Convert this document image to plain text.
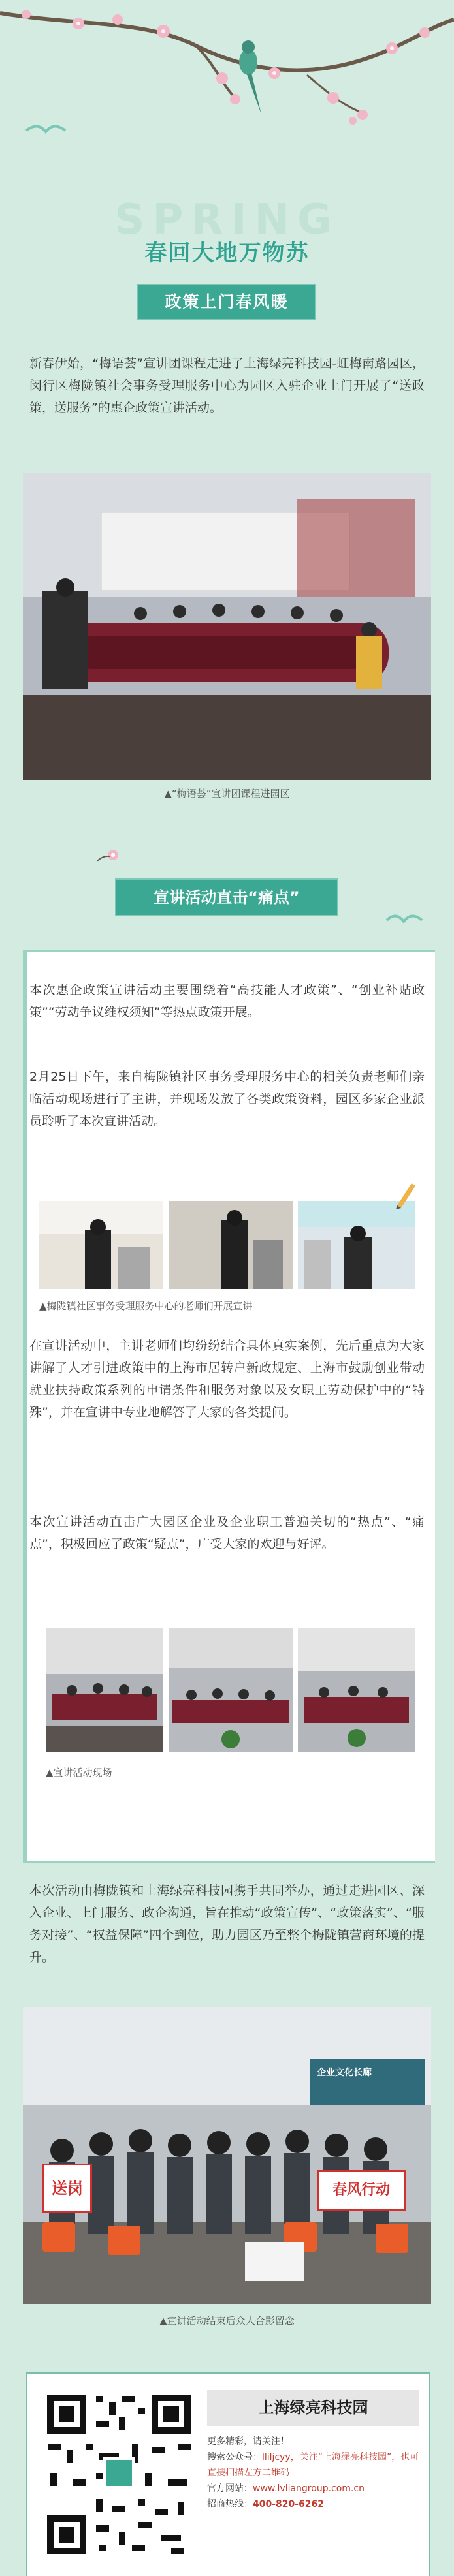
SPRING
春回大地万物苏
政策上门春风暖

新春伊始，“梅语荟”宣讲团课程走进了上海绿亮科技园-虹梅南路园区，闵行区梅陇镇社会事务受理服务中心为园区入驻企业上门开展了“送政策，送服务”的惠企政策宣讲活动。

▲“梅语荟”宣讲团课程进园区
宣讲活动直击“痛点”

本次惠企政策宣讲活动主要围绕着“高技能人才政策”、“创业补贴政策”“劳动争议维权须知”等热点政策开展。

2月25日下午，来自梅陇镇社区事务受理服务中心的相关负责老师们亲临活动现场进行了主讲，并现场发放了各类政策资料，园区多家企业派员聆听了本次宣讲活动。

▲梅陇镇社区事务受理服务中心的老师们开展宣讲

在宣讲活动中，主讲老师们均纷纷结合具体真实案例，先后重点为大家讲解了人才引进政策中的上海市居转户新政规定、上海市鼓励创业带动就业扶持政策系列的申请条件和服务对象以及女职工劳动保护中的“特殊”，并在宣讲中专业地解答了大家的各类提问。

本次宣讲活动直击广大园区企业及企业职工普遍关切的“热点”、“痛点”，积极回应了政策“疑点”，广受大家的欢迎与好评。

▲宣讲活动现场

本次活动由梅陇镇和上海绿亮科技园携手共同举办，通过走进园区、深入企业、上门服务、政企沟通，旨在推动“政策宣传”、“政策落实”、“服务对接”、“权益保障”四个到位，助力园区乃至整个梅陇镇营商环境的提升。

企业文化长廊
送岗	春风行动
▲宣讲活动结束后众人合影留念
上海绿亮科技园
更多精彩，请关注！
搜索公众号：lliljcyy，关注“上海绿亮科技园”，也可直接扫描左方二维码
官方网站：www.lvliangroup.com.cn
招商热线：400-820-6262
